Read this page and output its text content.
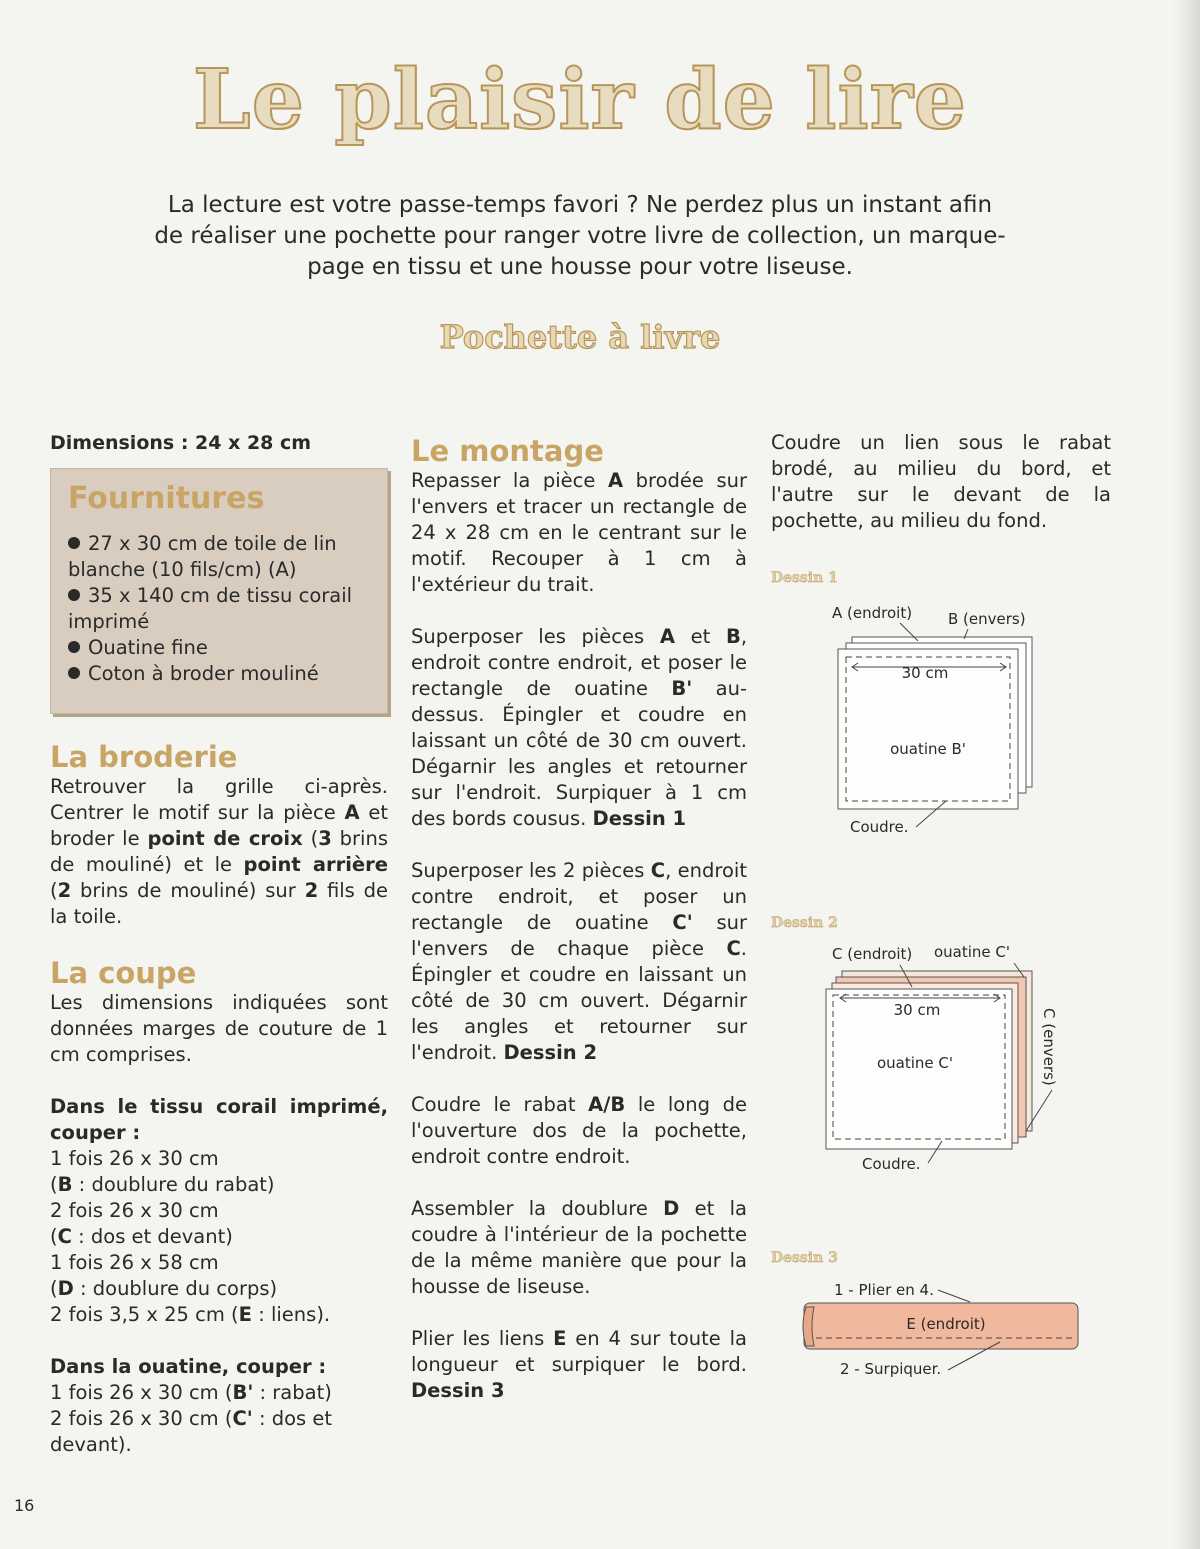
Le plaisir de lire

La lecture est votre passe-temps favori ? Ne perdez plus un instant afin de réaliser une pochette pour ranger votre livre de collection, un marque-page en tissu et une housse pour votre liseuse.

Pochette à livre

Dimensions : 24 x 28 cm

Fournitures
27 x 30 cm de toile de lin blanche (10 fils/cm) (A)
35 x 140 cm de tissu corail imprimé
Ouatine fine
Coton à broder mouliné
La broderie

Retrouver la grille ci-après. Centrer le motif sur la pièce A et broder le point de croix (3 brins de mouliné) et le point arrière (2 brins de mouliné) sur 2 fils de la toile.

La coupe

Les dimensions indiquées sont données marges de couture de 1 cm comprises.

Dans le tissu corail imprimé, couper :

1 fois 26 x 30 cm
(B : doublure du rabat)

2 fois 26 x 30 cm
(C : dos et devant)

1 fois 26 x 58 cm
(D : doublure du corps)

2 fois 3,5 x 25 cm (E : liens).

Dans la ouatine, couper :

1 fois 26 x 30 cm (B' : rabat)

2 fois 26 x 30 cm (C' : dos et devant).

Le montage

Repasser la pièce A brodée sur l'envers et tracer un rectangle de 24 x 28 cm en le centrant sur le motif. Recouper à 1 cm à l'extérieur du trait.

Superposer les pièces A et B, endroit contre endroit, et poser le rectangle de ouatine B' au-dessus. Épingler et coudre en laissant un côté de 30 cm ouvert. Dégarnir les angles et retourner sur l'endroit. Surpiquer à 1 cm des bords cousus. Dessin 1

Superposer les 2 pièces C, endroit contre endroit, et poser un rectangle de ouatine C' sur l'envers de chaque pièce C. Épingler et coudre en laissant un côté de 30 cm ouvert. Dégarnir les angles et retourner sur l'endroit. Dessin 2

Coudre le rabat A/B le long de l'ouverture dos de la pochette, endroit contre endroit.

Assembler la doublure D et la coudre à l'intérieur de la pochette de la même manière que pour la housse de liseuse.

Plier les liens E en 4 sur toute la longueur et surpiquer le bord. Dessin 3

Coudre un lien sous le rabat brodé, au milieu du bord, et l'autre sur le devant de la pochette, au milieu du fond.

Dessin 1

30 cm
ouatine B'
A (endroit) B (envers)
Coudre.

Dessin 2

30 cm
ouatine C'
C (endroit) ouatine C'
C (envers)
Coudre.

Dessin 3

E (endroit)
1 - Plier en 4.
2 - Surpiquer.

16
